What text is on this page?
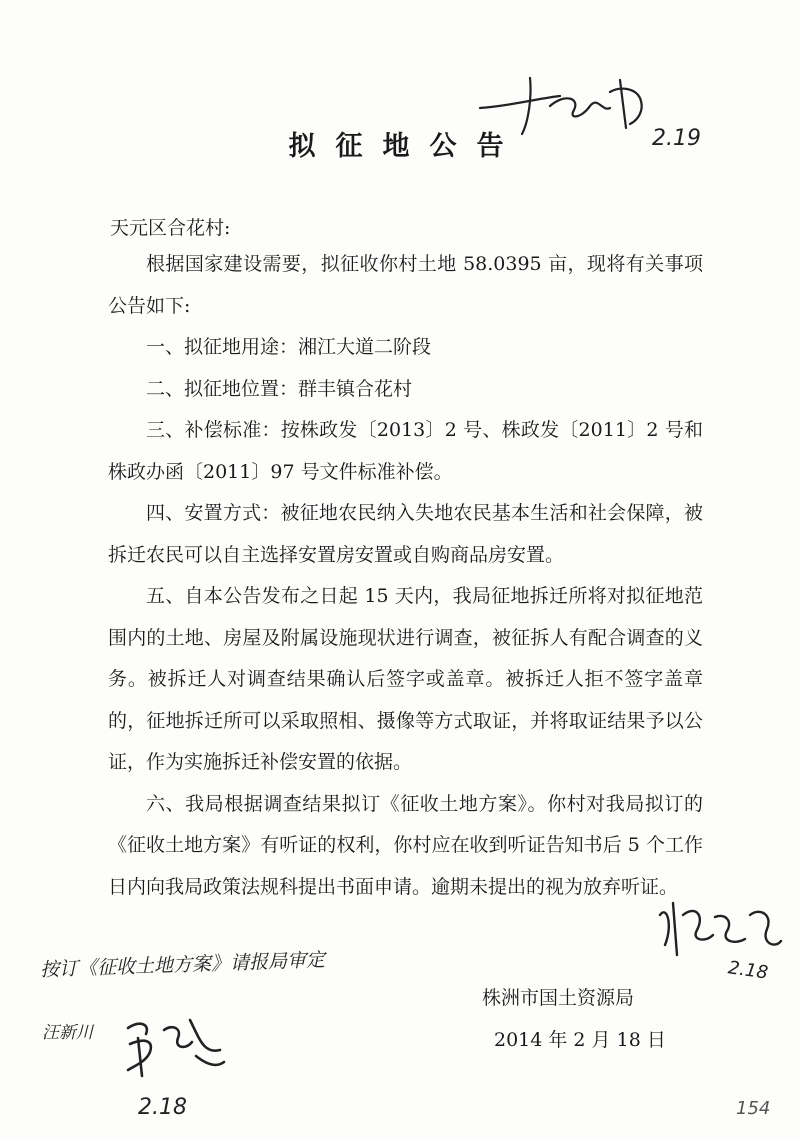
2.19
拟征地公告
天元区合花村:

根据国家建设需要，拟征收你村土地 58.0395 亩，现将有关事项公告如下:

一、拟征地用途：湘江大道二阶段

二、拟征地位置：群丰镇合花村

三、补偿标准：按株政发〔2013〕2 号、株政发〔2011〕2 号和株政办函〔2011〕97 号文件标准补偿。

四、安置方式：被征地农民纳入失地农民基本生活和社会保障，被拆迁农民可以自主选择安置房安置或自购商品房安置。

五、自本公告发布之日起 15 天内，我局征地拆迁所将对拟征地范围内的土地、房屋及附属设施现状进行调查，被征拆人有配合调查的义务。被拆迁人对调查结果确认后签字或盖章。被拆迁人拒不签字盖章的，征地拆迁所可以采取照相、摄像等方式取证，并将取证结果予以公证，作为实施拆迁补偿安置的依据。

六、我局根据调查结果拟订《征收土地方案》。你村对我局拟订的《征收土地方案》有听证的权利，你村应在收到听证告知书后 5 个工作日内向我局政策法规科提出书面申请。逾期未提出的视为放弃听证。

2.18
按订《征收土地方案》请报局审定
株洲市国土资源局
2014 年 2 月 18 日
汪新川
2.18	154
